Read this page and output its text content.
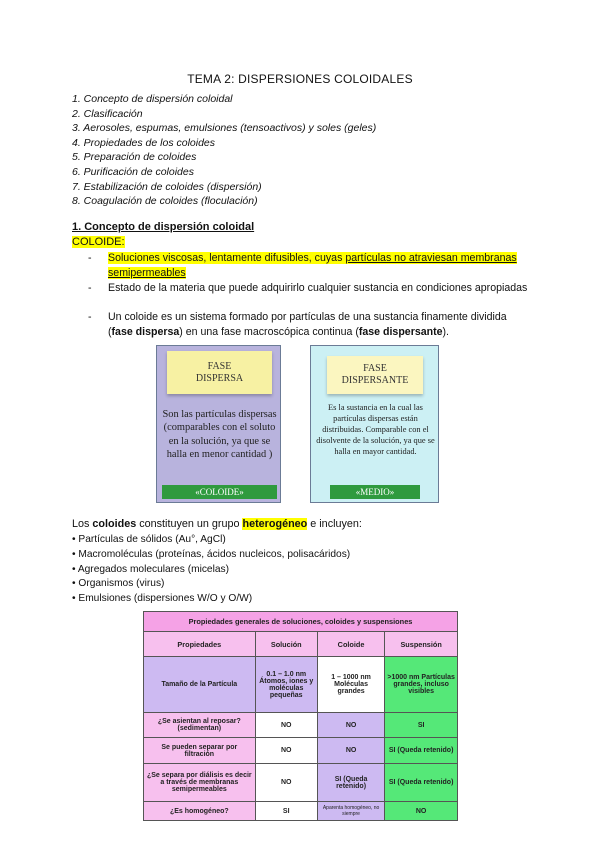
TEMA 2: DISPERSIONES COLOIDALES
1. Concepto de dispersión coloidal
2. Clasificación
3. Aerosoles, espumas, emulsiones (tensoactivos) y soles (geles)
4. Propiedades de los coloides
5. Preparación de coloides
6. Purificación de coloides
7. Estabilización de coloides (dispersión)
8. Coagulación de coloides (floculación)
1. Concepto de dispersión coloidal
COLOIDE:
- Soluciones viscosas, lentamente difusibles, cuyas partículas no atraviesan membranas semipermeables
- Estado de la materia que puede adquirirlo cualquier sustancia en condiciones apropiadas
- Un coloide es un sistema formado por partículas de una sustancia finamente dividida (fase dispersa) en una fase macroscópica continua (fase dispersante).
FASE
DISPERSA
Son las partículas dispersas (comparables con el soluto en la solución, ya que se halla en menor cantidad )
«COLOIDE»
FASE
DISPERSANTE
Es la sustancia en la cual las partículas dispersas están distribuidas. Comparable con el disolvente de la solución, ya que se halla en mayor cantidad.
«MEDIO»
Los coloides constituyen un grupo heterogéneo e incluyen:
• Partículas de sólidos (Au°, AgCl)
• Macromoléculas (proteínas, ácidos nucleicos, polisacáridos)
• Agregados moleculares (micelas)
• Organismos (virus)
• Emulsiones (dispersiones W/O y O/W)
Propiedades generales de soluciones, coloides y suspensiones			
Propiedades	Solución	Coloide	Suspensión
Tamaño de la Partícula	0.1 – 1.0 nm Átomos, iones y moléculas pequeñas	1 – 1000 nm Moléculas grandes	>1000 nm Partículas grandes, incluso visibles
¿Se asientan al reposar? (sedimentan)	NO	NO	SI
Se pueden separar por filtración	NO	NO	SI (Queda retenido)
¿Se separa por diálisis es decir a través de membranas semipermeables	NO	SI (Queda retenido)	SI (Queda retenido)
¿Es homogéneo?	SI	Aparenta homogéneo, no siempre	NO
